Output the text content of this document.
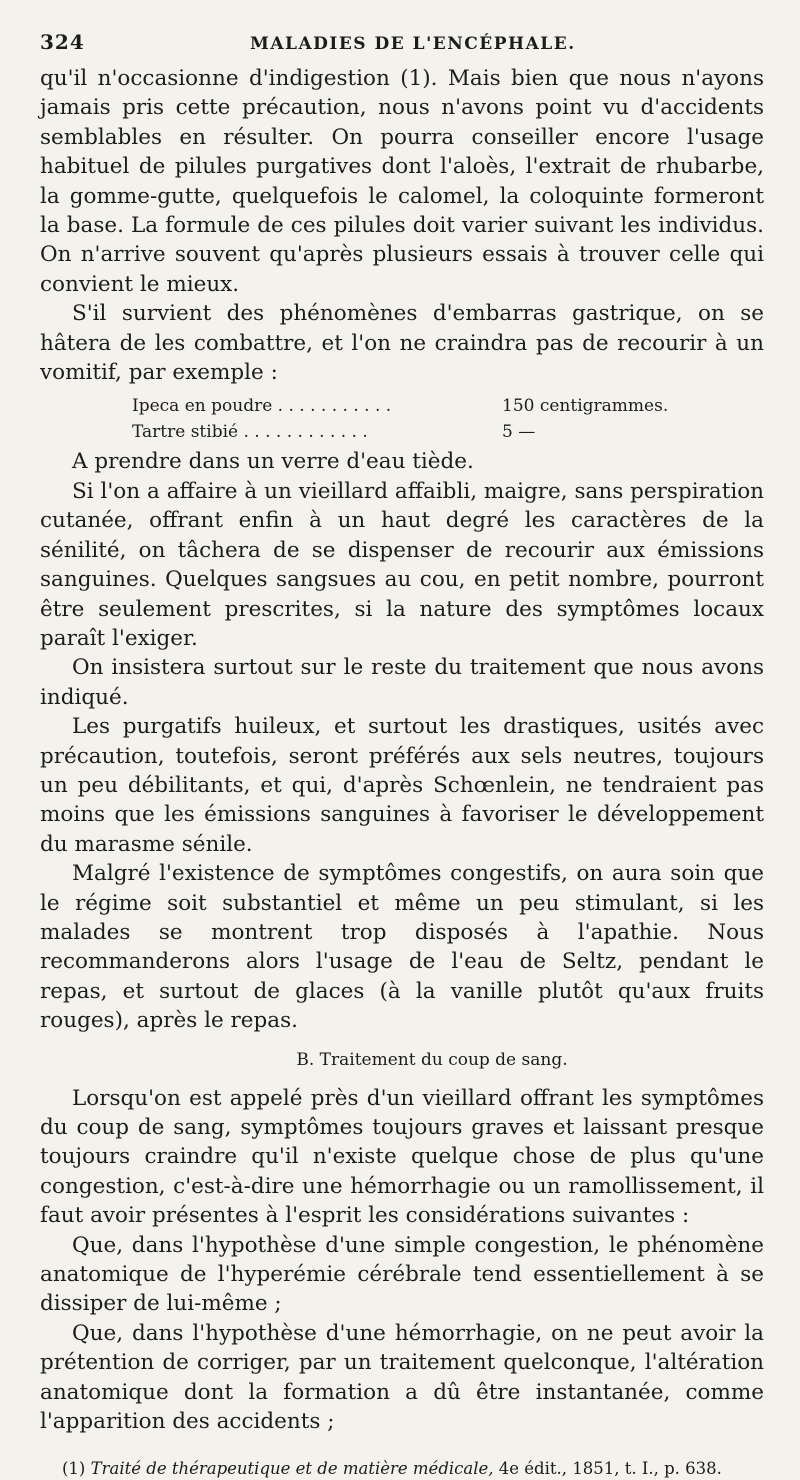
324	MALADIES DE L'ENCÉPHALE.

qu'il n'occasionne d'indigestion (1). Mais bien que nous n'ayons jamais pris cette précaution, nous n'avons point vu d'accidents semblables en résulter. On pourra conseiller encore l'usage habituel de pilules purgatives dont l'aloès, l'extrait de rhubarbe, la gomme-gutte, quelquefois le calomel, la coloquinte formeront la base. La formule de ces pilules doit varier suivant les individus. On n'arrive souvent qu'après plusieurs essais à trouver celle qui convient le mieux.

S'il survient des phénomènes d'embarras gastrique, on se hâtera de les combattre, et l'on ne craindra pas de recourir à un vomitif, par exemple :

Ipeca en poudre . . . . . . . . . . .	150 centigrammes.
Tartre stibié . . . . . . . . . . . .	5 —

A prendre dans un verre d'eau tiède.

Si l'on a affaire à un vieillard affaibli, maigre, sans perspiration cutanée, offrant enfin à un haut degré les caractères de la sénilité, on tâchera de se dispenser de recourir aux émissions sanguines. Quelques sangsues au cou, en petit nombre, pourront être seulement prescrites, si la nature des symptômes locaux paraît l'exiger.

On insistera surtout sur le reste du traitement que nous avons indiqué.

Les purgatifs huileux, et surtout les drastiques, usités avec précaution, toutefois, seront préférés aux sels neutres, toujours un peu débilitants, et qui, d'après Schœnlein, ne tendraient pas moins que les émissions sanguines à favoriser le développement du marasme sénile.

Malgré l'existence de symptômes congestifs, on aura soin que le régime soit substantiel et même un peu stimulant, si les malades se montrent trop disposés à l'apathie. Nous recommanderons alors l'usage de l'eau de Seltz, pendant le repas, et surtout de glaces (à la vanille plutôt qu'aux fruits rouges), après le repas.

B. Traitement du coup de sang.

Lorsqu'on est appelé près d'un vieillard offrant les symptômes du coup de sang, symptômes toujours graves et laissant presque toujours craindre qu'il n'existe quelque chose de plus qu'une congestion, c'est-à-dire une hémorrhagie ou un ramollissement, il faut avoir présentes à l'esprit les considérations suivantes :

Que, dans l'hypothèse d'une simple congestion, le phénomène anatomique de l'hyperémie cérébrale tend essentiellement à se dissiper de lui-même ;

Que, dans l'hypothèse d'une hémorrhagie, on ne peut avoir la prétention de corriger, par un traitement quelconque, l'altération anatomique dont la formation a dû être instantanée, comme l'apparition des accidents ;

(1) Traité de thérapeutique et de matière médicale, 4e édit., 1851, t. I., p. 638.
